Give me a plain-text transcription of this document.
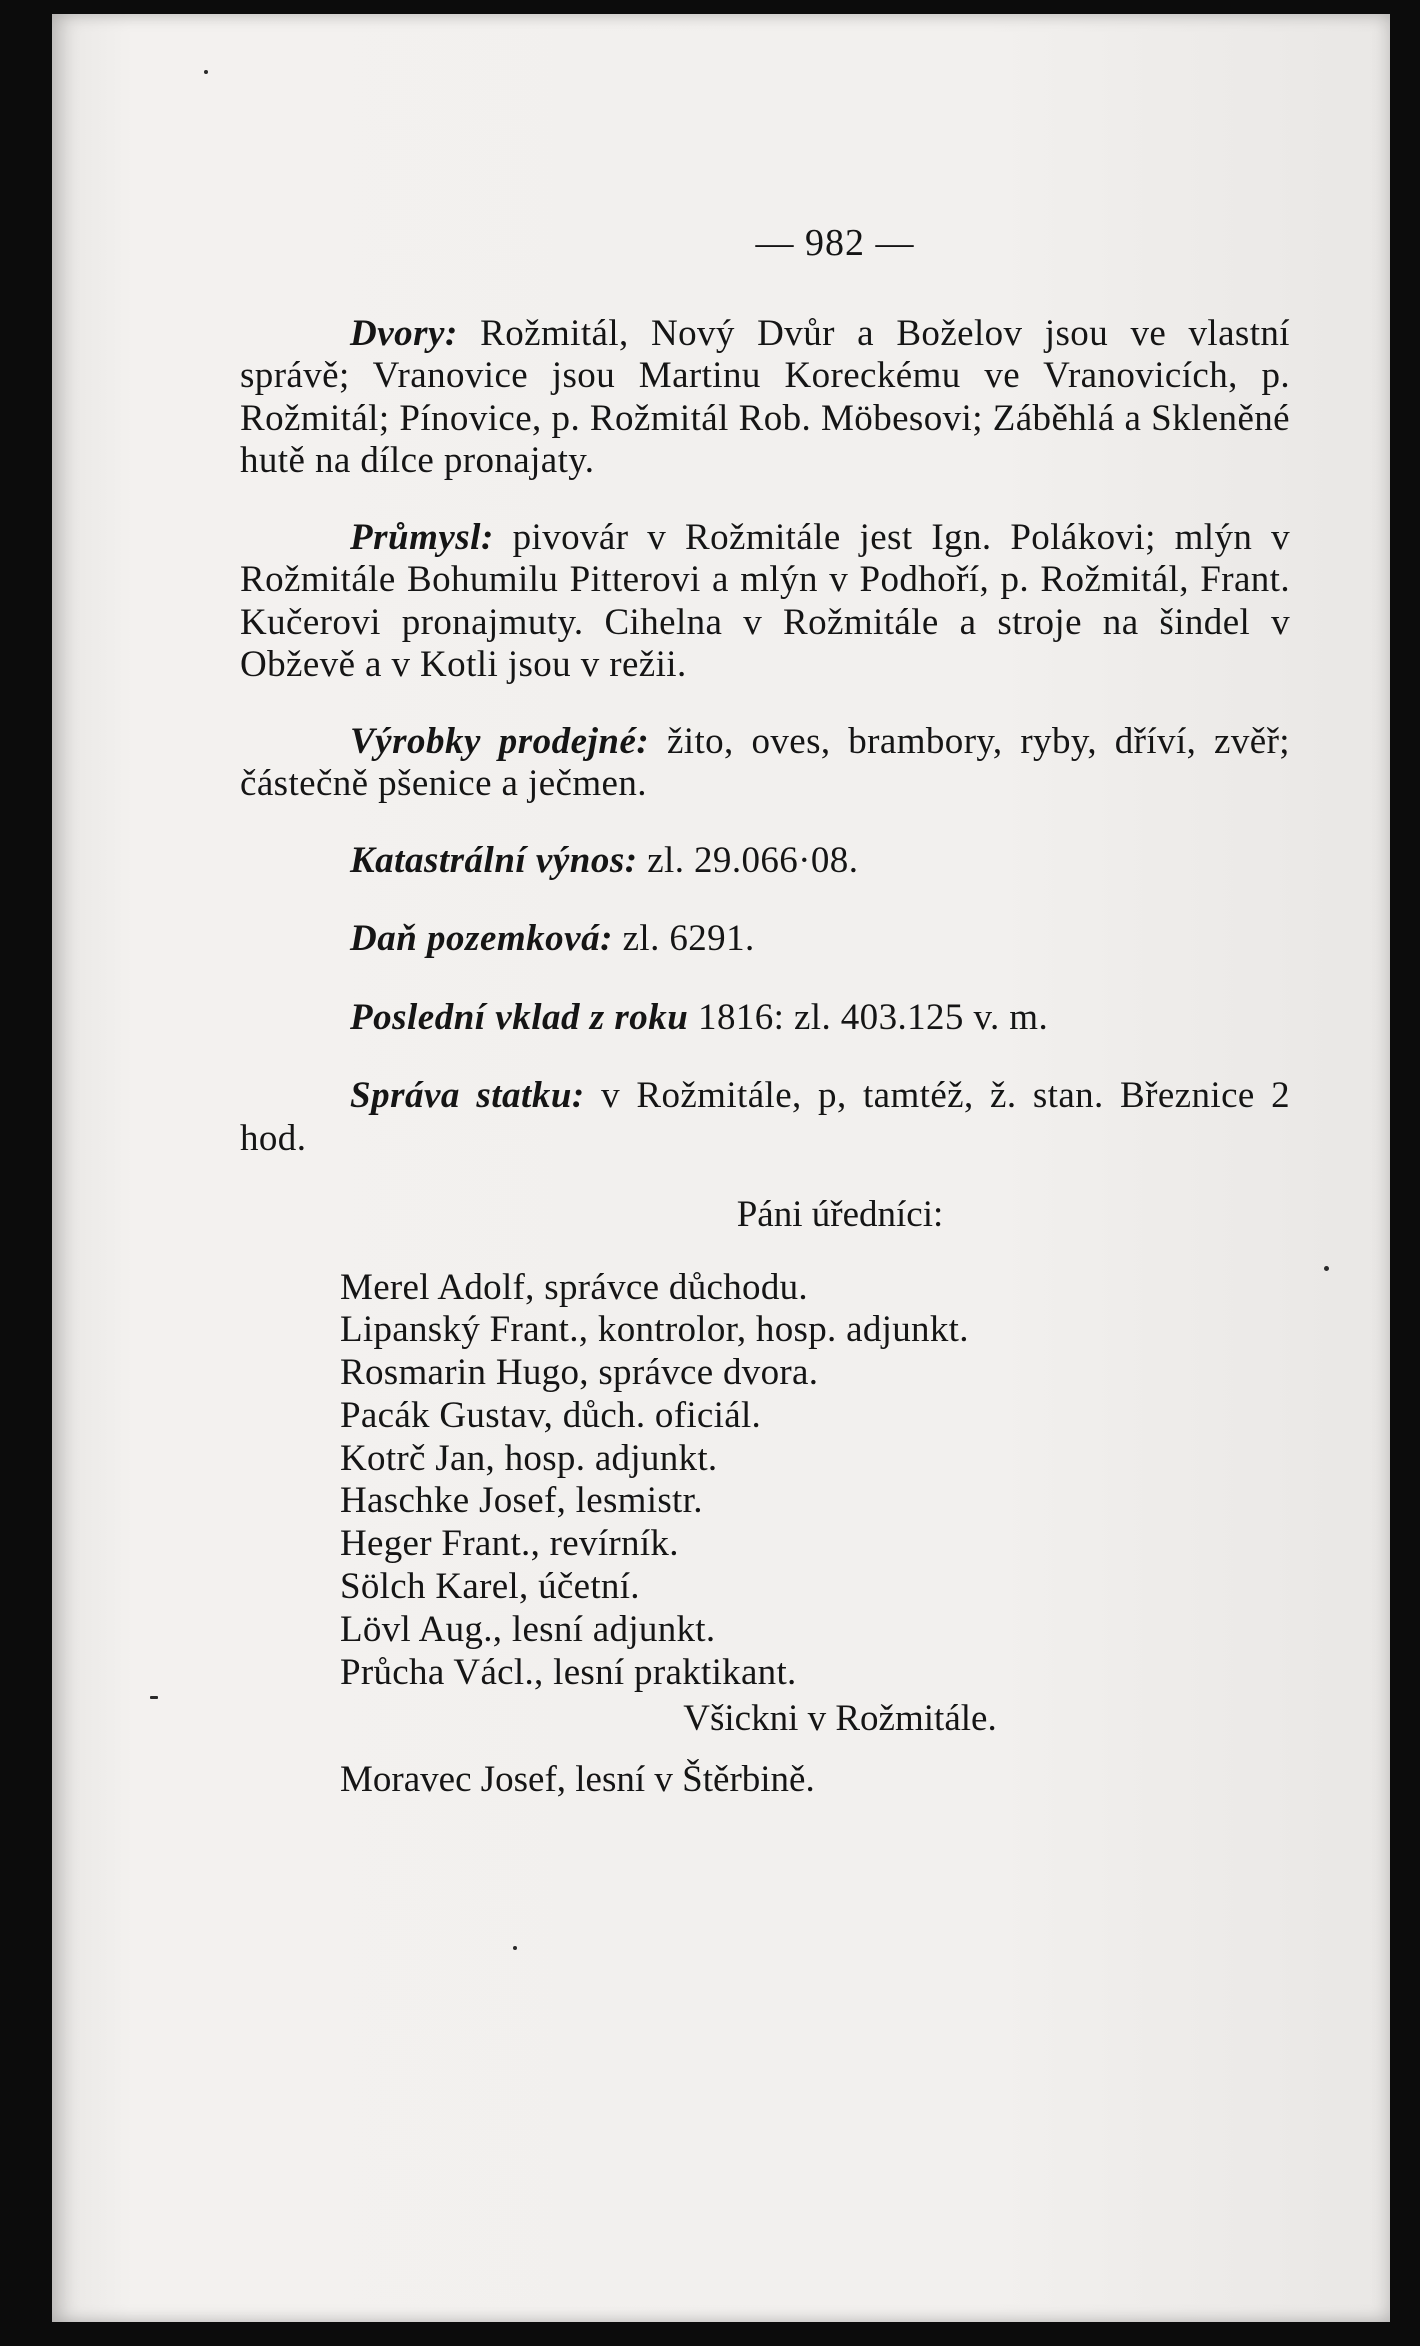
— 982 —

Dvory: Rožmitál, Nový Dvůr a Boželov jsou ve vlastní správě; Vranovice jsou Martinu Koreckému ve Vranovicích, p. Rožmitál; Pínovice, p. Rožmitál Rob. Möbesovi; Záběhlá a Skleněné hutě na dílce pronajaty.

Průmysl: pivovár v Rožmitále jest Ign. Polákovi; mlýn v Rožmitále Bohumilu Pitterovi a mlýn v Podhoří, p. Rožmitál, Frant. Kučerovi pronajmuty. Cihelna v Rožmitále a stroje na šindel v Obževě a v Kotli jsou v režii.

Výrobky prodejné: žito, oves, brambory, ryby, dříví, zvěř; částečně pšenice a ječmen.

Katastrální výnos: zl. 29.066·08.

Daň pozemková: zl. 6291.

Poslední vklad z roku 1816: zl. 403.125 v. m.

Správa statku: v Rožmitále, p, tamtéž, ž. stan. Březnice 2 hod.

Páni úředníci:
Merel Adolf, správce důchodu.
Lipanský Frant., kontrolor, hosp. adjunkt.
Rosmarin Hugo, správce dvora.
Pacák Gustav, důch. oficiál.
Kotrč Jan, hosp. adjunkt.
Haschke Josef, lesmistr.
Heger Frant., revírník.
Sölch Karel, účetní.
Lövl Aug., lesní adjunkt.
Průcha Václ., lesní praktikant.
Všickni v Rožmitále.
Moravec Josef, lesní v Štěrbině.
